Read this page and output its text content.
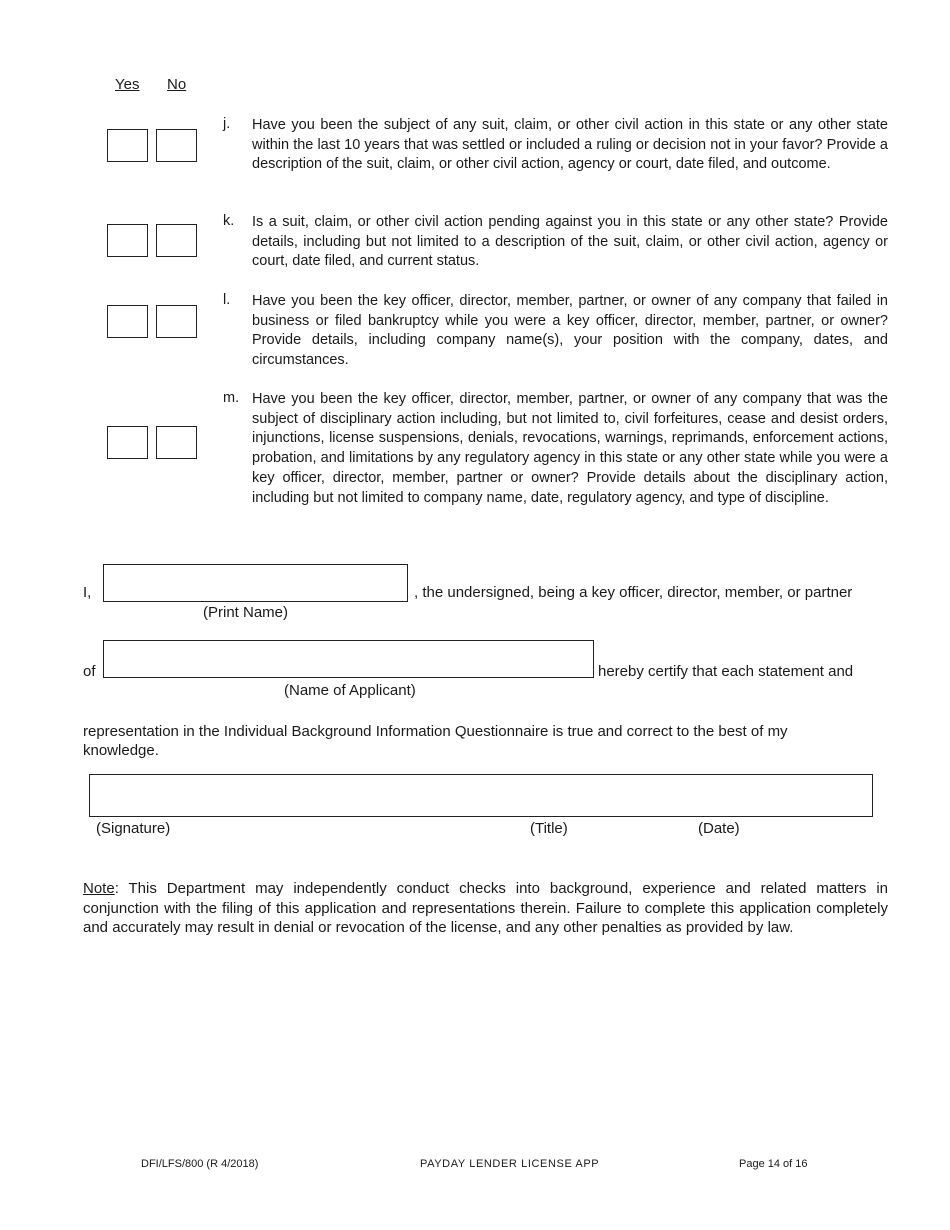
Yes No
j.	Have you been the subject of any suit, claim, or other civil action in this state or any other state within the last 10 years that was settled or included a ruling or decision not in your favor? Provide a description of the suit, claim, or other civil action, agency or court, date filed, and outcome.
k.	Is a suit, claim, or other civil action pending against you in this state or any other state? Provide details, including but not limited to a description of the suit, claim, or other civil action, agency or court, date filed, and current status.
l.	Have you been the key officer, director, member, partner, or owner of any company that failed in business or filed bankruptcy while you were a key officer, director, member, partner, or owner? Provide details, including company name(s), your position with the company, dates, and circumstances.
m. Have you been the key officer, director, member, partner, or owner of any company that was the subject of disciplinary action including, but not limited to, civil forfeitures, cease and desist orders, injunctions, license suspensions, denials, revocations, warnings, reprimands, enforcement actions, probation, and limitations by any regulatory agency in this state or any other state while you were a key officer, director, member, partner or owner? Provide details about the disciplinary action, including but not limited to company name, date, regulatory agency, and type of discipline.
I,	, the undersigned, being a key officer, director, member, or partner
(Print Name)
of	hereby certify that each statement and
(Name of Applicant)
representation in the Individual Background Information Questionnaire is true and correct to the best of my knowledge.
(Signature)	(Title)	(Date)
Note: This Department may independently conduct checks into background, experience and related matters in conjunction with the filing of this application and representations therein. Failure to complete this application completely and accurately may result in denial or revocation of the license, and any other penalties as provided by law.
DFI/LFS/800 (R 4/2018)	PAYDAY LENDER LICENSE APP	Page 14 of 16
